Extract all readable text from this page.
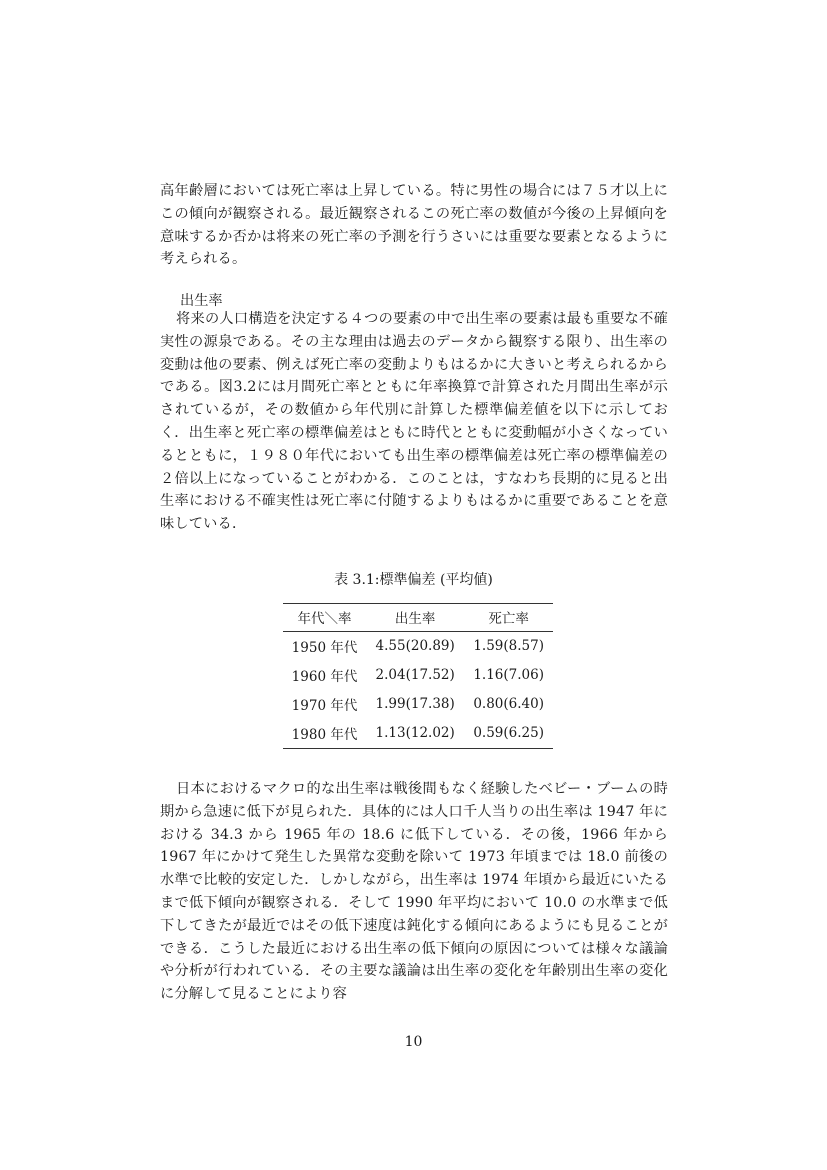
高年齢層においては死亡率は上昇している。特に男性の場合には７５才以上にこの傾向が観察される。最近観察されるこの死亡率の数値が今後の上昇傾向を意味するか否かは将来の死亡率の予測を行うさいには重要な要素となるように考えられる。

出生率

将来の人口構造を決定する４つの要素の中で出生率の要素は最も重要な不確実性の源泉である。その主な理由は過去のデータから観察する限り、出生率の変動は他の要素、例えば死亡率の変動よりもはるかに大きいと考えられるからである。図3.2には月間死亡率とともに年率換算で計算された月間出生率が示されているが，その数値から年代別に計算した標準偏差値を以下に示しておく．出生率と死亡率の標準偏差はともに時代とともに変動幅が小さくなっているとともに，１９８０年代においても出生率の標準偏差は死亡率の標準偏差の２倍以上になっていることがわかる．このことは，すなわち長期的に見ると出生率における不確実性は死亡率に付随するよりもはるかに重要であることを意味している．

表 3.1:標準偏差 (平均値)

年代＼率	出生率	死亡率
1950 年代	4.55(20.89)	1.59(8.57)
1960 年代	2.04(17.52)	1.16(7.06)
1970 年代	1.99(17.38)	0.80(6.40)
1980 年代	1.13(12.02)	0.59(6.25)

日本におけるマクロ的な出生率は戦後間もなく経験したベビー・ブームの時期から急速に低下が見られた．具体的には人口千人当りの出生率は 1947 年における 34.3 から 1965 年の 18.6 に低下している．その後，1966 年から 1967 年にかけて発生した異常な変動を除いて 1973 年頃までは 18.0 前後の水準で比較的安定した．しかしながら，出生率は 1974 年頃から最近にいたるまで低下傾向が観察される．そして 1990 年平均において 10.0 の水準まで低下してきたが最近ではその低下速度は鈍化する傾向にあるようにも見ることができる．こうした最近における出生率の低下傾向の原因については様々な議論や分析が行われている．その主要な議論は出生率の変化を年齢別出生率の変化に分解して見ることにより容

10
